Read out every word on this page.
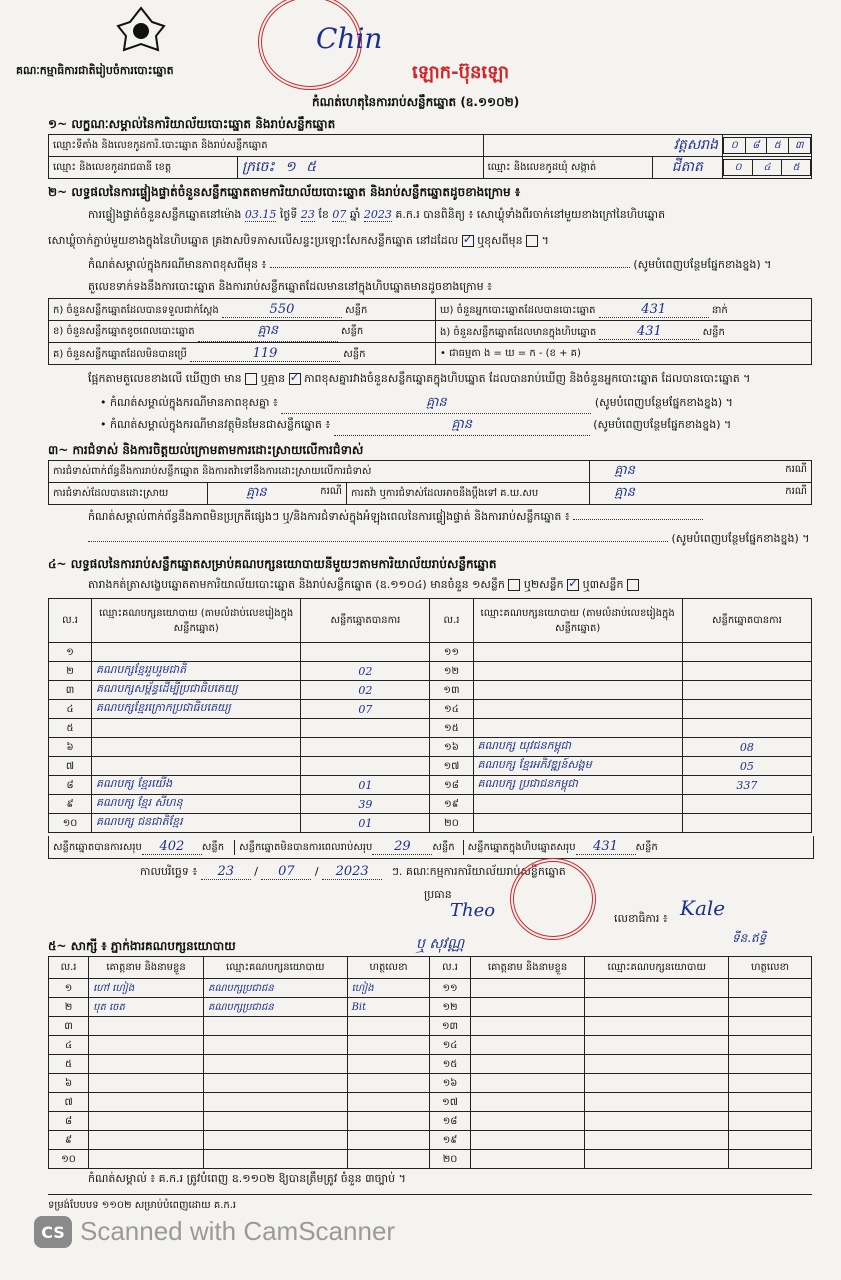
គណៈកម្មាធិការជាតិរៀបចំការបោះឆ្នោត
Chin
ឡោក-ប៊ុនឡោ
កំណត់ហេតុនៃការរាប់សន្លឹកឆ្នោត (ឧ.១១០២)
១~ លក្ខណៈសម្គាល់នៃការិយាល័យបោះឆ្នោត និងរាប់សន្លឹកឆ្នោត
ឈ្មោះទីតាំង និងលេខកូដការិ.បោះឆ្នោត និងរាប់សន្លឹកឆ្នោត	វត្តសរាង	០	៨	៥	៣

ឈ្មោះ និងលេខកូដរាជធានី ខេត្ត	ក្រចេះ ១ ៥	ឈ្មោះ និងលេខកូដឃុំ សង្កាត់	ជីតាត		០	៤	៥
២~ លទ្ធផលនៃការផ្ទៀងផ្ទាត់ចំនួនសន្លឹកឆ្នោតតាមការិយាល័យបោះឆ្នោត និងរាប់សន្លឹកឆ្នោតដូចខាងក្រោម ៖
ការផ្ទៀងផ្ទាត់ចំនួនសន្លឹកឆ្នោតនៅម៉ោង 03.15 ថ្ងៃទី 23 ខែ 07 ឆ្នាំ 2023 គ.ក.រ បានពិនិត្យ ៖ សោឃ្លុំទាំងពីរចាក់នៅមួយខាងក្រៅនៃហិបឆ្នោត
សោឃ្លុំចាក់ភ្ជាប់មួយខាងក្នុងនៃហិបឆ្នោត គ្រងាសបិទភាសលើសន្ទះប្រឡោះសែកសន្លឹកឆ្នោត នៅដដែល ✓ ឬខុសពីមុន ។
កំណត់សម្គាល់ក្នុងករណីមានភាពខុសពីមុន ៖	(សូមបំពេញបន្ថែមផ្នែកខាងខ្នង) ។
តួលេខទាក់ទងនឹងការបោះឆ្នោត និងការរាប់សន្លឹកឆ្នោតដែលមាននៅក្នុងហិបឆ្នោតមានដូចខាងក្រោម ៖
ក) ចំនួនសន្លឹកឆ្នោតដែលបានទទួលជាក់ស្ដែង 550 សន្លឹក	ឃ) ចំនួនអ្នកបោះឆ្នោតដែលបានបោះឆ្នោត 431 នាក់
ខ) ចំនួនសន្លឹកឆ្នោតខូចពេលបោះឆ្នោត គ្មាន សន្លឹក	ង) ចំនួនសន្លឹកឆ្នោតដែលមានក្នុងហិបឆ្នោត 431 សន្លឹក
គ) ចំនួនសន្លឹកឆ្នោតដែលមិនបានប្រើ 119 សន្លឹក	• ជាធម្មតា ង = ឃ = ក - (ខ + គ)
ផ្អែកតាមតួលេខខាងលើ ឃើញថា មាន ឬគ្មាន ✓ ភាពខុសគ្នារវាងចំនួនសន្លឹកឆ្នោតក្នុងហិបឆ្នោត ដែលបានរាប់ឃើញ និងចំនួនអ្នកបោះឆ្នោត ដែលបានបោះឆ្នោត ។
• កំណត់សម្គាល់ក្នុងករណីមានភាពខុសគ្នា ៖	គ្មាន	(សូមបំពេញបន្ថែមផ្នែកខាងខ្នង) ។
• កំណត់សម្គាល់ក្នុងករណីមានវត្ថុមិនមែនជាសន្លឹកឆ្នោត ៖	គ្មាន	(សូមបំពេញបន្ថែមផ្នែកខាងខ្នង) ។
៣~ ការជំទាស់ និងការចិត្តយល់ក្រោមតាមការដោះស្រាយលើការជំទាស់
ការជំទាស់ពាក់ព័ន្ធនឹងការរាប់សន្លឹកឆ្នោត និងការតវ៉ាទៅនឹងការដោះស្រាយលើការជំទាស់			គ្មាន ករណី

ការជំទាស់ដែលបានដោះស្រាយ	គ្មាន ករណី	ការតវ៉ា ឬការជំទាស់ដែលអាចនឹងប្ដឹងទៅ គ.ឃ.សប	គ្មាន ករណី
កំណត់សម្គាល់ពាក់ព័ន្ធនឹងភាពមិនប្រក្រតីផ្សេងៗ ឬ/និងការជំទាស់ក្នុងអំឡុងពេលនៃការផ្ទៀងផ្ទាត់ និងការរាប់សន្លឹកឆ្នោត ៖
(សូមបំពេញបន្ថែមផ្នែកខាងខ្នង) ។
៤~ លទ្ធផលនៃការរាប់សន្លឹកឆ្នោតសម្រាប់គណបក្សនយោបាយនីមួយៗតាមការិយាល័យរាប់សន្លឹកឆ្នោត
តារាងកត់ត្រាសង្ខេបឆ្នោតតាមការិយាល័យបោះឆ្នោត និងរាប់សន្លឹកឆ្នោត (ឧ.១១០៤) មានចំនួន ១សន្លឹក ឬ២សន្លឹក ✓ ឬ៣សន្លឹក
ល.រ	ឈ្មោះគណបក្សនយោបាយ (តាមលំដាប់លេខរៀងក្នុងសន្លឹកឆ្នោត)	សន្លឹកឆ្នោតបានការ	ល.រ	ឈ្មោះគណបក្សនយោបាយ (តាមលំដាប់លេខរៀងក្នុងសន្លឹកឆ្នោត)	សន្លឹកឆ្នោតបានការ
១			១១		
២	គណបក្សខ្មែររួបរួមជាតិ	02	១២		
៣	គណបក្សសម្ព័ន្ធដើម្បីប្រជាធិបតេយ្យ	02	១៣		
៤	គណបក្សខ្មែរក្រោកប្រជាធិបតេយ្យ	07	១៤		
៥			១៥		
៦			១៦	គណបក្ស យុវជនកម្ពុជា	08
៧			១៧	គណបក្ស ខ្មែរអភិវឌ្ឍន៍សង្គម	05
៨	គណបក្ស ខ្មែរយើង	01	១៨	គណបក្ស ប្រជាជនកម្ពុជា	337
៩	គណបក្ស ខ្មែរ សីហនុ	39	១៩		
១០	គណបក្ស ជនជាតិខ្មែរ	01	២០		
សន្លឹកឆ្នោតបានការសរុប	402	សន្លឹក	សន្លឹកឆ្នោតមិនបានការពេលរាប់សរុប	29	សន្លឹក	សន្លឹកឆ្នោតក្នុងហិបឆ្នោតសរុប	431	សន្លឹក
កាលបរិច្ឆេទ ៖ 23 / 07 / 2023 ៗ. គណៈកម្មការការិយាល័យរាប់សន្លឹកឆ្នោត
ប្រធាន
Theo
ឬ សុវណ្ណ
លេខាធិការ ៖ Kale
ទីន.ឥទ្ធិ
៥~ សាក្សី ៖ ភ្នាក់ងារគណបក្សនយោបាយ
ល.រ	គោត្តនាម និងនាមខ្លួន	ឈ្មោះគណបក្សនយោបាយ	ហត្ថលេខា	ល.រ	គោត្តនាម និងនាមខ្លួន	ឈ្មោះគណបក្សនយោបាយ	ហត្ថលេខា
១	ហៅ ហៀង	គណបក្សប្រជាជន	ហៀង	១១			
២	បុត ចេត	គណបក្សប្រជាជន	Bit	១២			
៣				១៣			
៤				១៤			
៥				១៥			
៦				១៦			
៧				១៧			
៨				១៨			
៩				១៩			
១០				២០			
កំណត់សម្គាល់ ៖ គ.ក.រ ត្រូវបំពេញ ឧ.១១០២ ឱ្យបានត្រឹមត្រូវ ចំនួន ៣ច្បាប់ ។
ទម្រង់បែបបទ ១១០២ សម្រាប់បំពេញដោយ គ.ក.រ
CS Scanned with CamScanner
